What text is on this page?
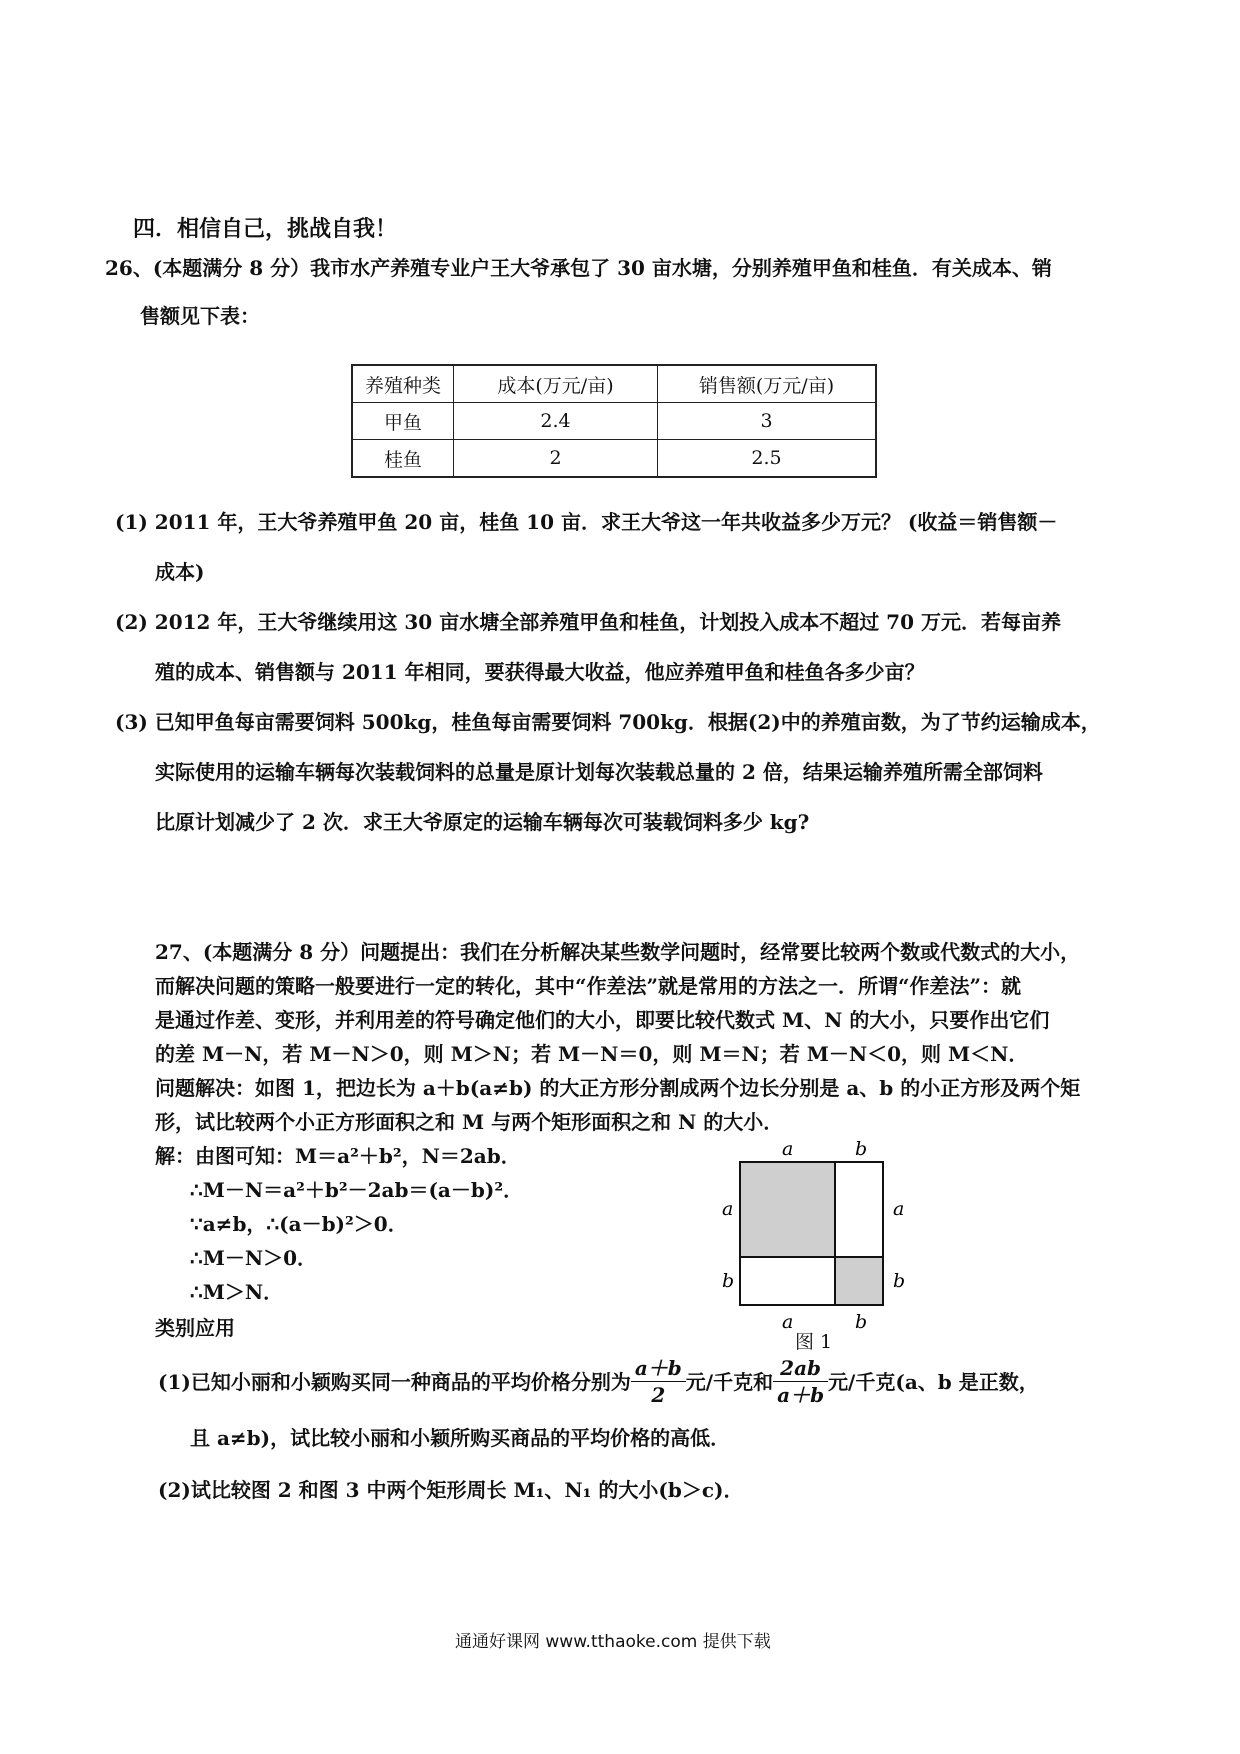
四．相信自己，挑战自我！
26、(本题满分 8 分）我市水产养殖专业户王大爷承包了 30 亩水塘，分别养殖甲鱼和桂鱼．有关成本、销
售额见下表：
养殖种类	成本(万元/亩)	销售额(万元/亩)
甲鱼	2.4	3
桂鱼	2	2.5
(1) 2011 年，王大爷养殖甲鱼 20 亩，桂鱼 10 亩．求王大爷这一年共收益多少万元？ (收益＝销售额－
成本)
(2) 2012 年，王大爷继续用这 30 亩水塘全部养殖甲鱼和桂鱼，计划投入成本不超过 70 万元．若每亩养
殖的成本、销售额与 2011 年相同，要获得最大收益，他应养殖甲鱼和桂鱼各多少亩？
(3) 已知甲鱼每亩需要饲料 500kg，桂鱼每亩需要饲料 700kg．根据(2)中的养殖亩数，为了节约运输成本，
实际使用的运输车辆每次装载饲料的总量是原计划每次装载总量的 2 倍，结果运输养殖所需全部饲料
比原计划减少了 2 次．求王大爷原定的运输车辆每次可装载饲料多少 kg?
27、(本题满分 8 分）问题提出：我们在分析解决某些数学问题时，经常要比较两个数或代数式的大小，
而解决问题的策略一般要进行一定的转化，其中“作差法”就是常用的方法之一．所谓“作差法”：就
是通过作差、变形，并利用差的符号确定他们的大小，即要比较代数式 M、N 的大小，只要作出它们
的差 M－N，若 M－N＞0，则 M＞N；若 M－N＝0，则 M＝N；若 M－N＜0，则 M＜N．
问题解决：如图 1，把边长为 a＋b(a≠b) 的大正方形分割成两个边长分别是 a、b 的小正方形及两个矩
形，试比较两个小正方形面积之和 M 与两个矩形面积之和 N 的大小．
解：由图可知：M＝a²＋b²，N＝2ab．
∴M－N＝a²＋b²－2ab＝(a－b)²．
∵a≠b，∴(a－b)²＞0．
∴M－N＞0．
∴M＞N．
类别应用
a	b
a
b
a
b
a	b
图 1
(1)已知小丽和小颖购买同一种商品的平均价格分别为 $\frac{a+b}{2}$ 元/千克和 $\frac{2ab}{a+b}$ 元/千克(a、b 是正数，
且 a≠b)，试比较小丽和小颖所购买商品的平均价格的高低．
(2)试比较图 2 和图 3 中两个矩形周长 M₁、N₁ 的大小(b＞c)．
通通好课网 www.tthaoke.com 提供下载
